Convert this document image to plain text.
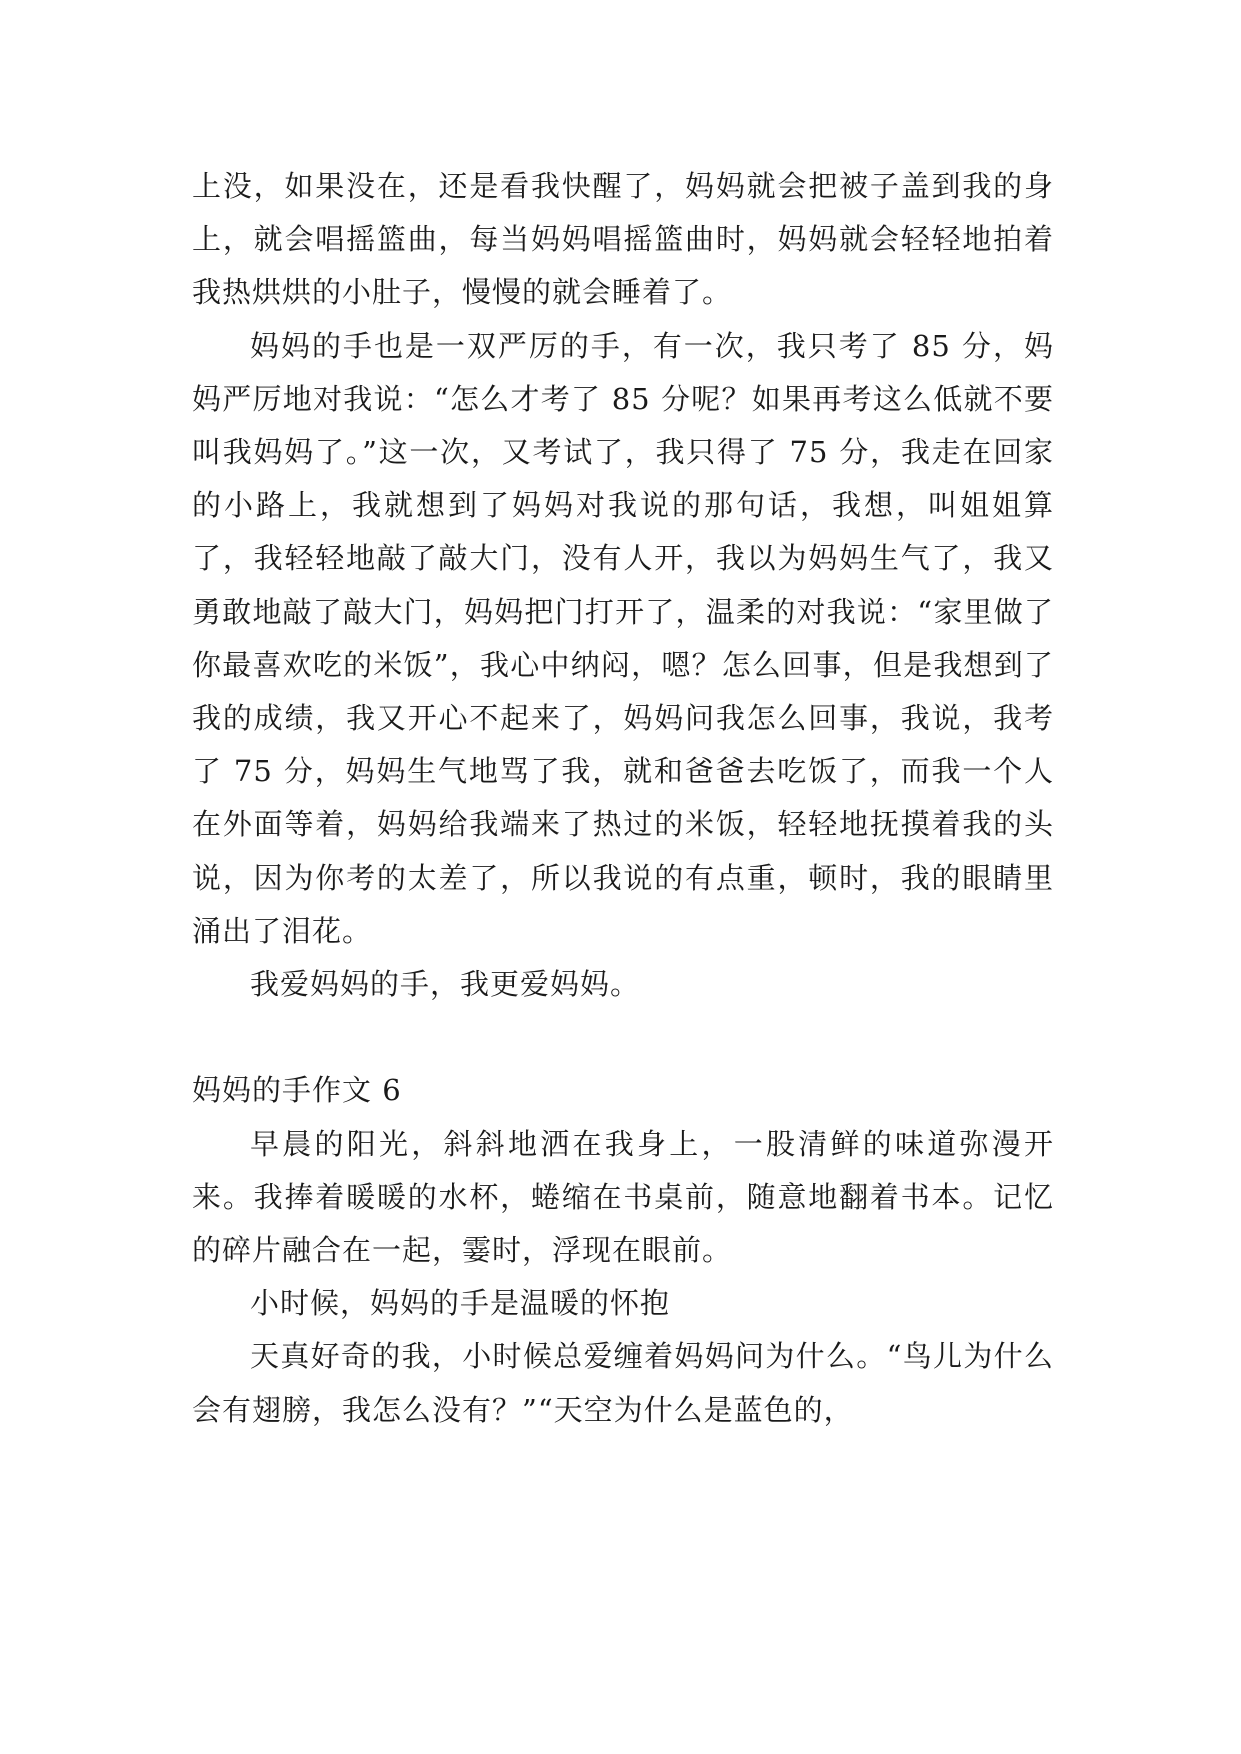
上没，如果没在，还是看我快醒了，妈妈就会把被子盖到我的身上，就会唱摇篮曲，每当妈妈唱摇篮曲时，妈妈就会轻轻地拍着我热烘烘的小肚子，慢慢的就会睡着了。

妈妈的手也是一双严厉的手，有一次，我只考了 85 分，妈妈严厉地对我说：“怎么才考了 85 分呢？如果再考这么低就不要叫我妈妈了。”这一次，又考试了，我只得了 75 分，我走在回家的小路上，我就想到了妈妈对我说的那句话，我想，叫姐姐算了，我轻轻地敲了敲大门，没有人开，我以为妈妈生气了，我又勇敢地敲了敲大门，妈妈把门打开了，温柔的对我说：“家里做了你最喜欢吃的米饭”，我心中纳闷，嗯？怎么回事，但是我想到了我的成绩，我又开心不起来了，妈妈问我怎么回事，我说，我考了 75 分，妈妈生气地骂了我，就和爸爸去吃饭了，而我一个人在外面等着，妈妈给我端来了热过的米饭，轻轻地抚摸着我的头说，因为你考的太差了，所以我说的有点重，顿时，我的眼睛里涌出了泪花。

我爱妈妈的手，我更爱妈妈。

妈妈的手作文 6

早晨的阳光，斜斜地洒在我身上，一股清鲜的味道弥漫开来。我捧着暖暖的水杯，蜷缩在书桌前，随意地翻着书本。记忆的碎片融合在一起，霎时，浮现在眼前。

小时候，妈妈的手是温暖的怀抱

天真好奇的我，小时候总爱缠着妈妈问为什么。“鸟儿为什么会有翅膀，我怎么没有？”“天空为什么是蓝色的，
